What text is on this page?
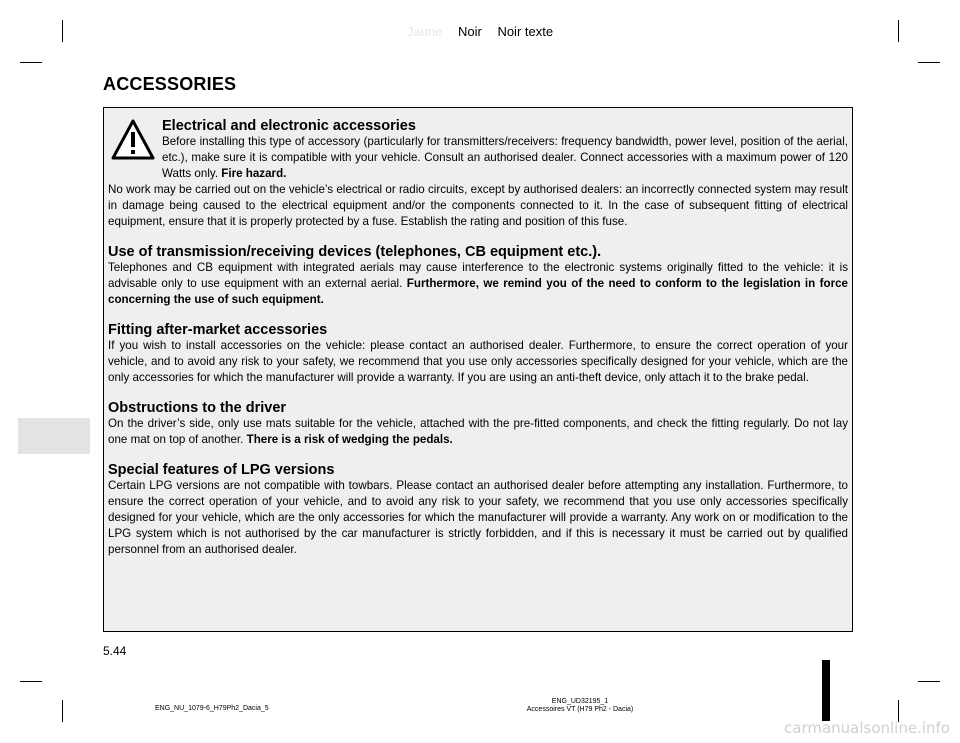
Jaune Noir Noir texte
ACCESSORIES
Electrical and electronic accessories

Before installing this type of accessory (particularly for transmitters/receivers: frequency bandwidth, power level, position of the aerial, etc.), make sure it is compatible with your vehicle. Consult an authorised dealer. Connect accessories with a maximum power of 120 Watts only. Fire hazard.

No work may be carried out on the vehicle’s electrical or radio circuits, except by authorised dealers: an incorrectly connected system may result in damage being caused to the electrical equipment and/or the components connected to it. In the case of subsequent fitting of electrical equipment, ensure that it is properly protected by a fuse. Establish the rating and position of this fuse.

Use of transmission/receiving devices (telephones, CB equipment etc.).

Telephones and CB equipment with integrated aerials may cause interference to the electronic systems originally fitted to the vehicle: it is advisable only to use equipment with an external aerial. Furthermore, we remind you of the need to conform to the legislation in force concerning the use of such equipment.

Fitting after-market accessories

If you wish to install accessories on the vehicle: please contact an authorised dealer. Furthermore, to ensure the correct operation of your vehicle, and to avoid any risk to your safety, we recommend that you use only accessories specifically designed for your vehicle, which are the only accessories for which the manufacturer will provide a warranty. If you are using an anti-theft device, only attach it to the brake pedal.

Obstructions to the driver

On the driver’s side, only use mats suitable for the vehicle, attached with the pre-fitted components, and check the fitting regularly. Do not lay one mat on top of another. There is a risk of wedging the pedals.

Special features of LPG versions

Certain LPG versions are not compatible with towbars. Please contact an authorised dealer before attempting any installation. Furthermore, to ensure the correct operation of your vehicle, and to avoid any risk to your safety, we recommend that you use only accessories specifically designed for your vehicle, which are the only accessories for which the manufacturer will provide a warranty. Any work on or modification to the LPG system which is not authorised by the car manufacturer is strictly forbidden, and if this is necessary it must be carried out by qualified personnel from an authorised dealer.

5.44
ENG_NU_1079-6_H79Ph2_Dacia_5
ENG_UD32195_1
Accessoires VT (H79 Ph2 - Dacia)
carmanualsonline.info
